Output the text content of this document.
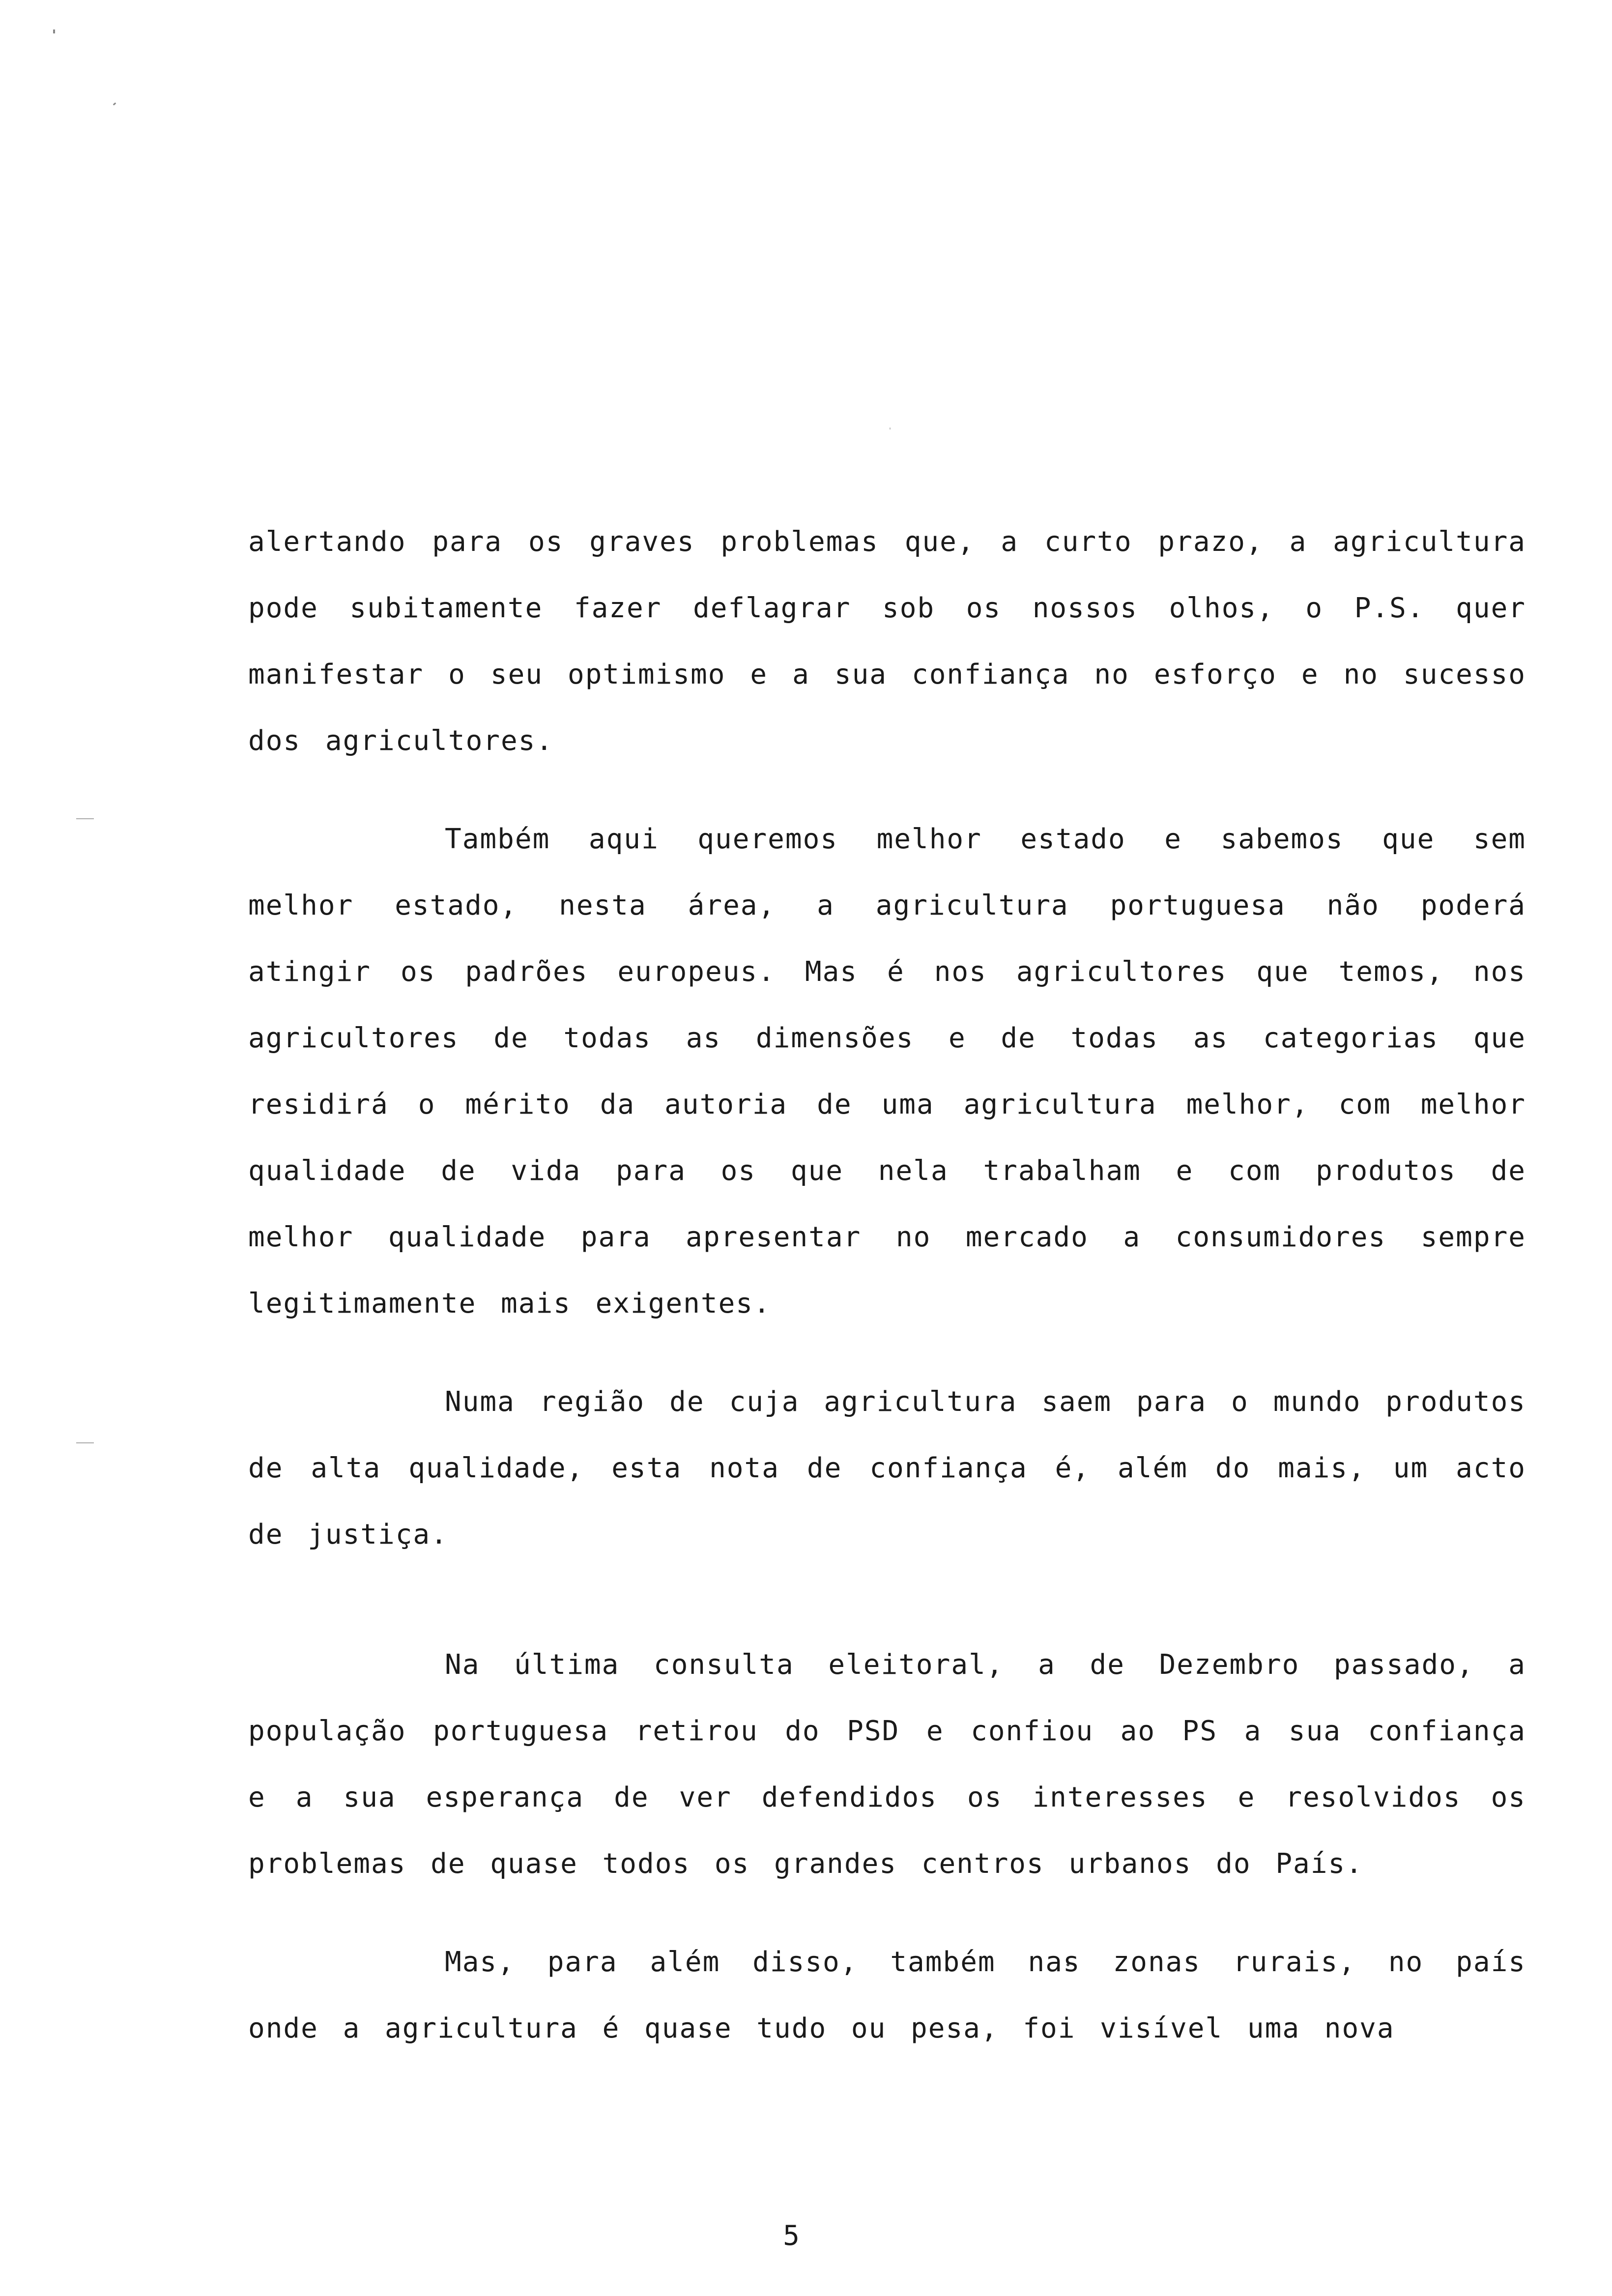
alertando para os graves problemas que, a curto prazo, a agricultura pode subitamente fazer deflagrar sob os nossos olhos, o P.S. quer manifestar o seu optimismo e a sua confiança no esforço e no sucesso dos agricultores.

Também aqui queremos melhor estado e sabemos que sem melhor estado, nesta área, a agricultura portuguesa não poderá atingir os padrões europeus. Mas é nos agricultores que temos, nos agricultores de todas as dimensões e de todas as categorias que residirá o mérito da autoria de uma agricultura melhor, com melhor qualidade de vida para os que nela trabalham e com produtos de melhor qualidade para apresentar no mercado a consumidores sempre legitimamente mais exigentes.

Numa região de cuja agricultura saem para o mundo produtos de alta qualidade, esta nota de confiança é, além do mais, um acto de justiça.

Na última consulta eleitoral, a de Dezembro passado, a população portuguesa retirou do PSD e confiou ao PS a sua confiança e a sua esperança de ver defendidos os interesses e resolvidos os problemas de quase todos os grandes centros urbanos do País.

Mas, para além disso, também nas zonas rurais, no país onde a agricultura é quase tudo ou pesa, foi visível uma nova

5
